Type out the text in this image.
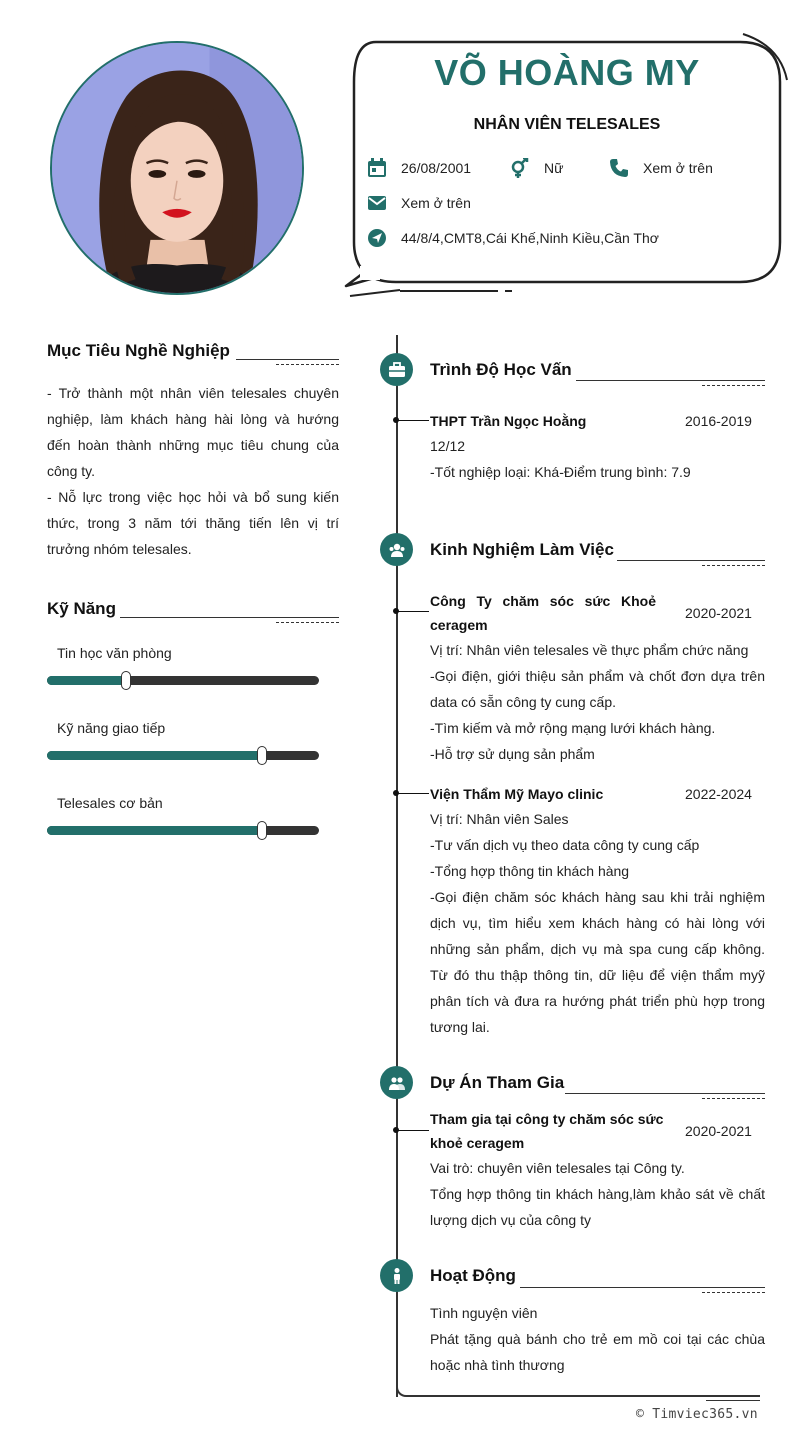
VÕ HOÀNG MY
NHÂN VIÊN TELESALES
26/08/2001	Nữ	Xem ở trên
Xem ở trên
44/8/4,CMT8,Cái Khế,Ninh Kiều,Cần Thơ
Mục Tiêu Nghề Nghiệp

- Trở thành một nhân viên telesales chuyên nghiệp, làm khách hàng hài lòng và hướng đến hoàn thành những mục tiêu chung của công ty.

- Nỗ lực trong việc học hỏi và bổ sung kiến thức, trong 3 năm tới thăng tiến lên vị trí trưởng nhóm telesales.

Kỹ Năng
Tin học văn phòng
Kỹ năng giao tiếp
Telesales cơ bản
Trình Độ Học Vấn
THPT Trần Ngọc Hoằng	2016-2019

12/12

-Tốt nghiệp loại: Khá-Điểm trung bình: 7.9

Kinh Nghiệm Làm Việc
Công Ty chăm sóc sức Khoẻ
ceragem
2020-2021

Vị trí: Nhân viên telesales về thực phẩm chức năng

-Gọi điện, giới thiệu sản phẩm và chốt đơn dựa trên data có sẵn công ty cung cấp.

-Tìm kiếm và mở rộng mạng lưới khách hàng.

-Hỗ trợ sử dụng sản phẩm

Viện Thẩm Mỹ Mayo clinic	2022-2024

Vị trí: Nhân viên Sales

-Tư vấn dịch vụ theo data công ty cung cấp

-Tổng hợp thông tin khách hàng

-Gọi điện chăm sóc khách hàng sau khi trải nghiệm dịch vụ, tìm hiểu xem khách hàng có hài lòng với những sản phẩm, dịch vụ mà spa cung cấp không. Từ đó thu thập thông tin, dữ liệu để viện thẩm myỹ phân tích và đưa ra hướng phát triển phù hợp trong tương lai.

Dự Án Tham Gia
Tham gia tại công ty chăm sóc sức
khoẻ ceragem
2020-2021

Vai trò: chuyên viên telesales tại Công ty.

Tổng hợp thông tin khách hàng,làm khảo sát về chất lượng dịch vụ của công ty

Hoạt Động

Tình nguyện viên

Phát tặng quà bánh cho trẻ em mồ coi tại các chùa hoặc nhà tình thương

© Timviec365.vn
